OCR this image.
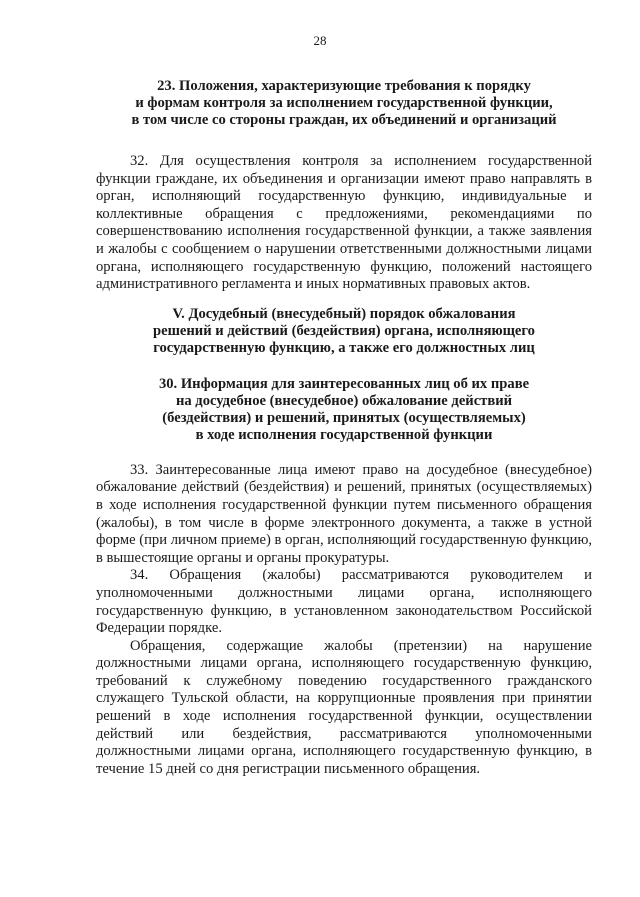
28
23. Положения, характеризующие требования к порядку
и формам контроля за исполнением государственной функции,
в том числе со стороны граждан, их объединений и организаций

32. Для осуществления контроля за исполнением государственной функции граждане, их объединения и организации имеют право направлять в орган, исполняющий государственную функцию, индивидуальные и коллективные обращения с предложениями, рекомендациями по совершенствованию исполнения государственной функции, а также заявления и жалобы с сообщением о нарушении ответственными должностными лицами органа, исполняющего государственную функцию, положений настоящего административного регламента и иных нормативных правовых актов.

V. Досудебный (внесудебный) порядок обжалования
решений и действий (бездействия) органа, исполняющего
государственную функцию, а также его должностных лиц
30. Информация для заинтересованных лиц об их праве
на досудебное (внесудебное) обжалование действий
(бездействия) и решений, принятых (осуществляемых)
в ходе исполнения государственной функции

33. Заинтересованные лица имеют право на досудебное (внесудебное) обжалование действий (бездействия) и решений, принятых (осуществляемых) в ходе исполнения государственной функции путем письменного обращения (жалобы), в том числе в форме электронного документа, а также в устной форме (при личном приеме) в орган, исполняющий государственную функцию, в вышестоящие органы и органы прокуратуры.

34. Обращения (жалобы) рассматриваются руководителем и уполномоченными должностными лицами органа, исполняющего государственную функцию, в установленном законодательством Российской Федерации порядке.

Обращения, содержащие жалобы (претензии) на нарушение должностными лицами органа, исполняющего государственную функцию, требований к служебному поведению государственного гражданского служащего Тульской области, на коррупционные проявления при принятии решений в ходе исполнения государственной функции, осуществлении действий или бездействия, рассматриваются уполномоченными должностными лицами органа, исполняющего государственную функцию, в течение 15 дней со дня регистрации письменного обращения.
